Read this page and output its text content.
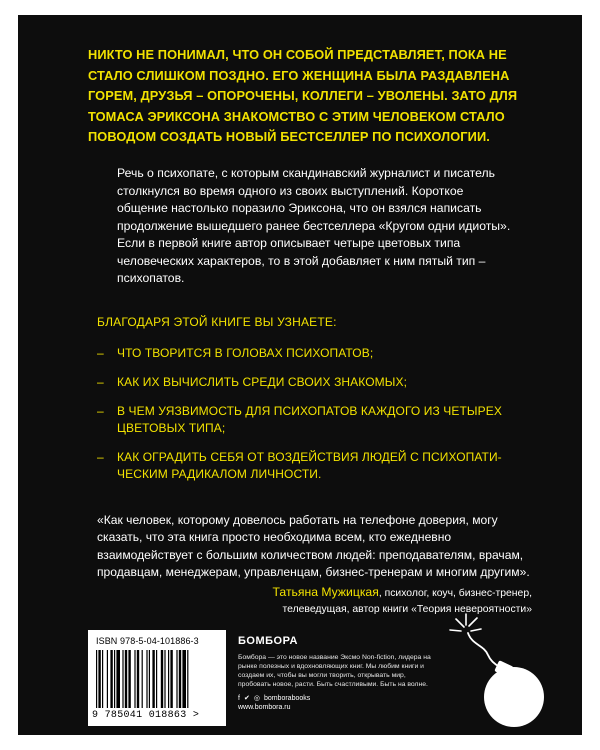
НИКТО НЕ ПОНИМАЛ, ЧТО ОН СОБОЙ ПРЕДСТАВЛЯЕТ, ПОКА НЕ СТАЛО СЛИШКОМ ПОЗДНО. ЕГО ЖЕНЩИНА БЫЛА РАЗДАВЛЕНА ГОРЕМ, ДРУЗЬЯ – ОПОРОЧЕНЫ, КОЛЛЕГИ – УВОЛЕНЫ. ЗАТО ДЛЯ ТОМАСА ЭРИКСОНА ЗНАКОМСТВО С ЭТИМ ЧЕЛОВЕКОМ СТАЛО ПОВОДОМ СОЗДАТЬ НОВЫЙ БЕСТСЕЛЛЕР ПО ПСИХОЛОГИИ.

Речь о психопате, с которым скандинавский журналист и писатель столкнулся во время одного из своих выступлений. Короткое общение настолько поразило Эриксона, что он взялся написать продолжение вышедшего ранее бестселлера «Кругом одни идиоты». Если в первой книге автор описывает четыре цветовых типа человеческих характеров, то в этой добавляет к ним пятый тип – психопатов.

БЛАГОДАРЯ ЭТОЙ КНИГЕ ВЫ УЗНАЕТЕ:

– ЧТО ТВОРИТСЯ В ГОЛОВАХ ПСИХОПАТОВ;
– КАК ИХ ВЫЧИСЛИТЬ СРЕДИ СВОИХ ЗНАКОМЫХ;
– В ЧЕМ УЯЗВИМОСТЬ ДЛЯ ПСИХОПАТОВ КАЖДОГО ИЗ ЧЕТЫРЕХ ЦВЕТОВЫХ ТИПА;
– КАК ОГРАДИТЬ СЕБЯ ОТ ВОЗДЕЙСТВИЯ ЛЮДЕЙ С ПСИХОПАТИ-ЧЕСКИМ РАДИКАЛОМ ЛИЧНОСТИ.

«Как человек, которому довелось работать на телефоне доверия, могу сказать, что эта книга просто необходима всем, кто ежедневно взаимодействует с большим количеством людей: преподавателям, врачам, продавцам, менеджерам, управленцам, бизнес-тренерам и многим другим».

Татьяна Мужицкая, психолог, коуч, бизнес-тренер,
телеведущая, автор книги «Теория невероятности»
ISBN 978-5-04-101886-3
9 785041 018863 >

БОМБОРА

Бомбора — это новое название Эксмо Non-fiction, лидера на рынке полезных и вдохновляющих книг. Мы любим книги и создаем их, чтобы вы могли творить, открывать мир, пробовать новое, расти. Быть счастливыми. Быть на волне.

f ✔ ◎ bomborabooks
www.bombora.ru
